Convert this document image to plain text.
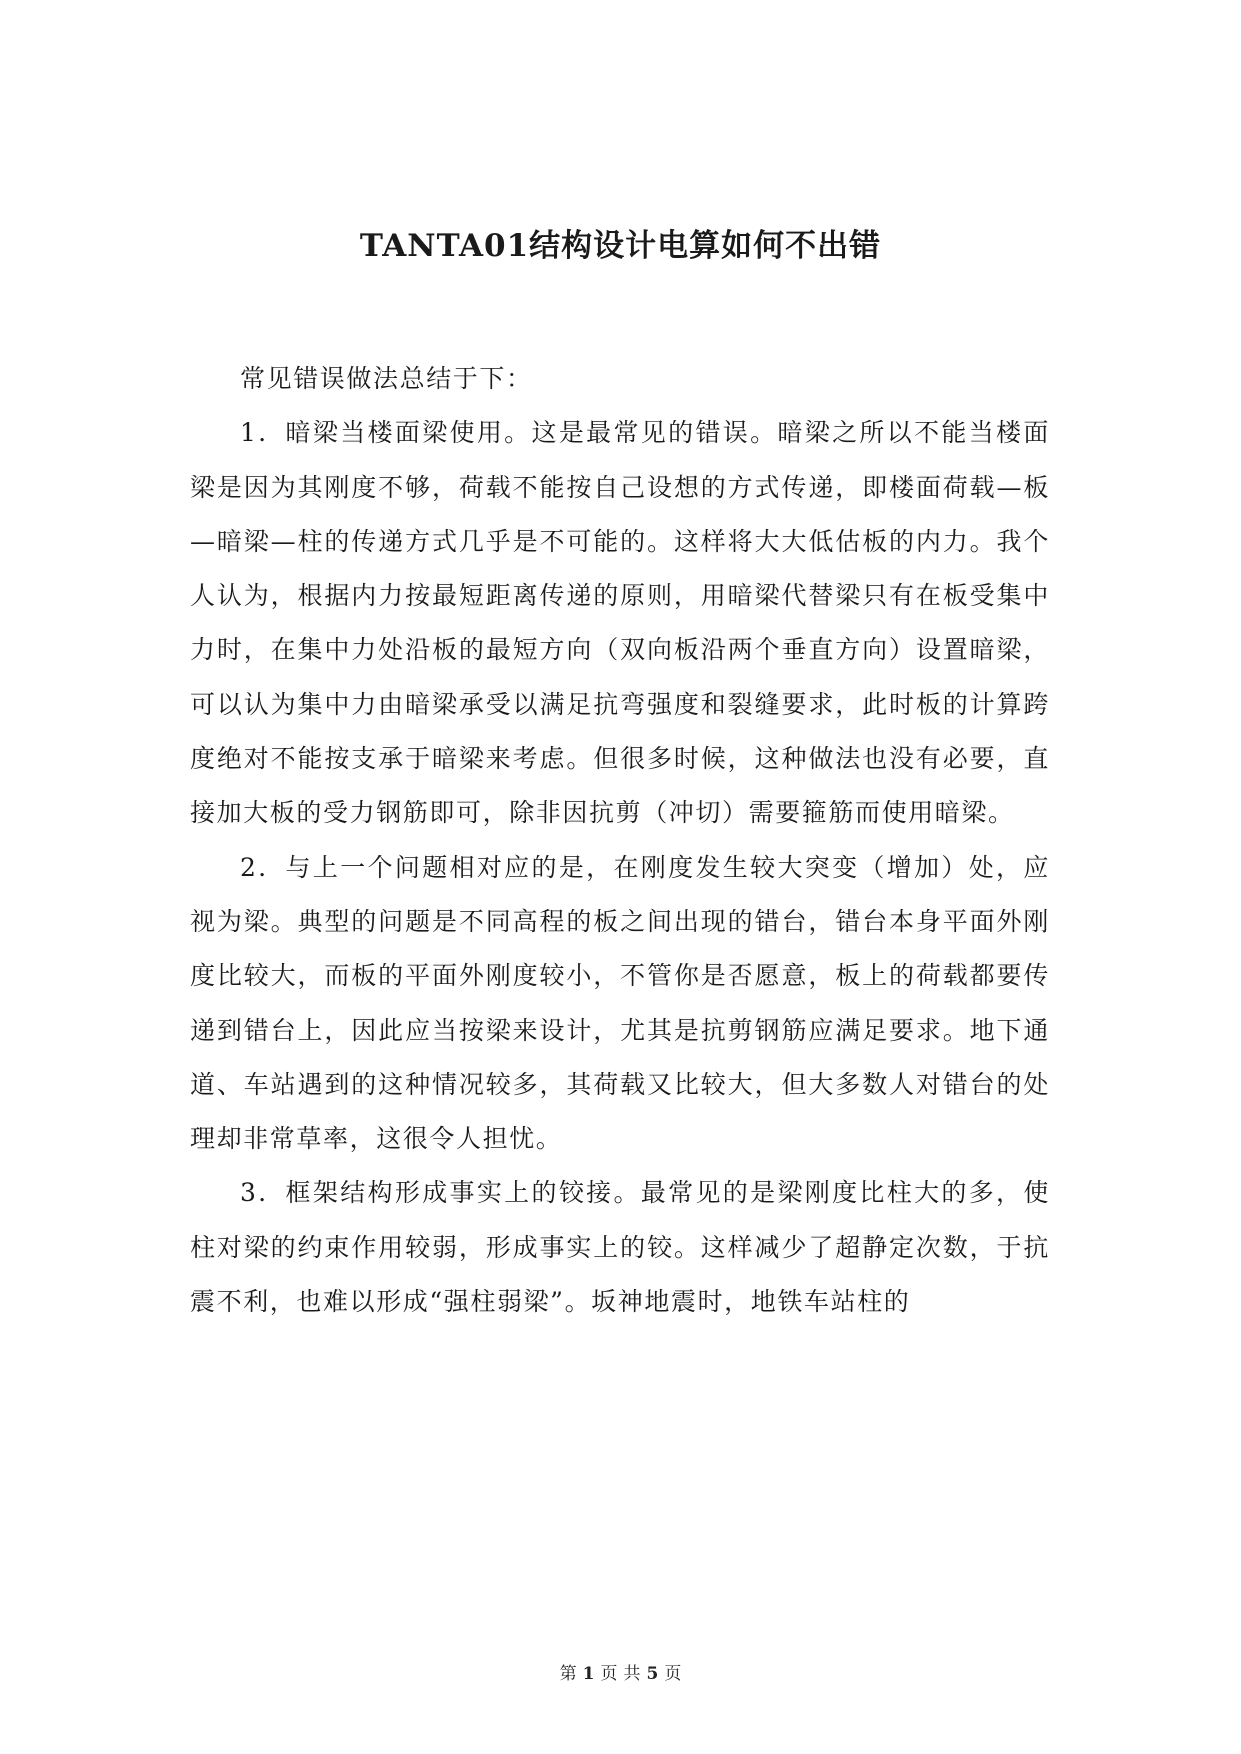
TANTA01结构设计电算如何不出错

常见错误做法总结于下：

1．暗梁当楼面梁使用。这是最常见的错误。暗梁之所以不能当楼面梁是因为其刚度不够，荷载不能按自己设想的方式传递，即楼面荷载—板—暗梁—柱的传递方式几乎是不可能的。这样将大大低估板的内力。我个人认为，根据内力按最短距离传递的原则，用暗梁代替梁只有在板受集中力时，在集中力处沿板的最短方向（双向板沿两个垂直方向）设置暗梁，可以认为集中力由暗梁承受以满足抗弯强度和裂缝要求，此时板的计算跨度绝对不能按支承于暗梁来考虑。但很多时候，这种做法也没有必要，直接加大板的受力钢筋即可，除非因抗剪（冲切）需要箍筋而使用暗梁。

2．与上一个问题相对应的是，在刚度发生较大突变（增加）处，应视为梁。典型的问题是不同高程的板之间出现的错台，错台本身平面外刚度比较大，而板的平面外刚度较小，不管你是否愿意，板上的荷载都要传递到错台上，因此应当按梁来设计，尤其是抗剪钢筋应满足要求。地下通道、车站遇到的这种情况较多，其荷载又比较大，但大多数人对错台的处理却非常草率，这很令人担忧。

3．框架结构形成事实上的铰接。最常见的是梁刚度比柱大的多，使柱对梁的约束作用较弱，形成事实上的铰。这样减少了超静定次数，于抗震不利，也难以形成“强柱弱梁”。坂神地震时，地铁车站柱的

第 1 页 共 5 页
